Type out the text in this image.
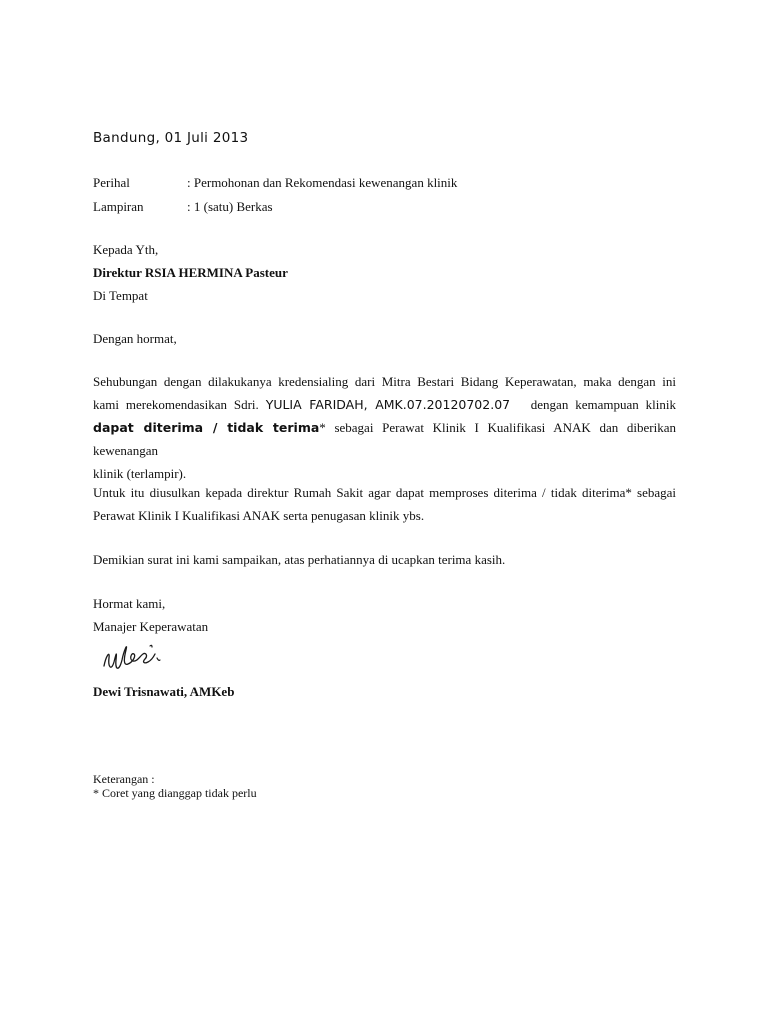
Bandung, 01 Juli 2013
Perihal	: Permohonan dan Rekomendasi kewenangan klinik
Lampiran	: 1 (satu) Berkas
Kepada Yth,
Direktur RSIA HERMINA Pasteur
Di Tempat
Dengan hormat,
Sehubungan dengan dilakukanya kredensialing dari Mitra Bestari Bidang Keperawatan, maka dengan ini
kami merekomendasikan Sdri. YULIA FARIDAH, AMK.07.20120702.07 dengan kemampuan klinik
dapat diterima / tidak terima* sebagai Perawat Klinik I Kualifikasi ANAK dan diberikan kewenangan
klinik (terlampir).
Untuk itu diusulkan kepada direktur Rumah Sakit agar dapat memproses diterima / tidak diterima* sebagai
Perawat Klinik I Kualifikasi ANAK serta penugasan klinik ybs.
Demikian surat ini kami sampaikan, atas perhatiannya di ucapkan terima kasih.
Hormat kami,
Manajer Keperawatan
Dewi Trisnawati, AMKeb
Keterangan :
* Coret yang dianggap tidak perlu
